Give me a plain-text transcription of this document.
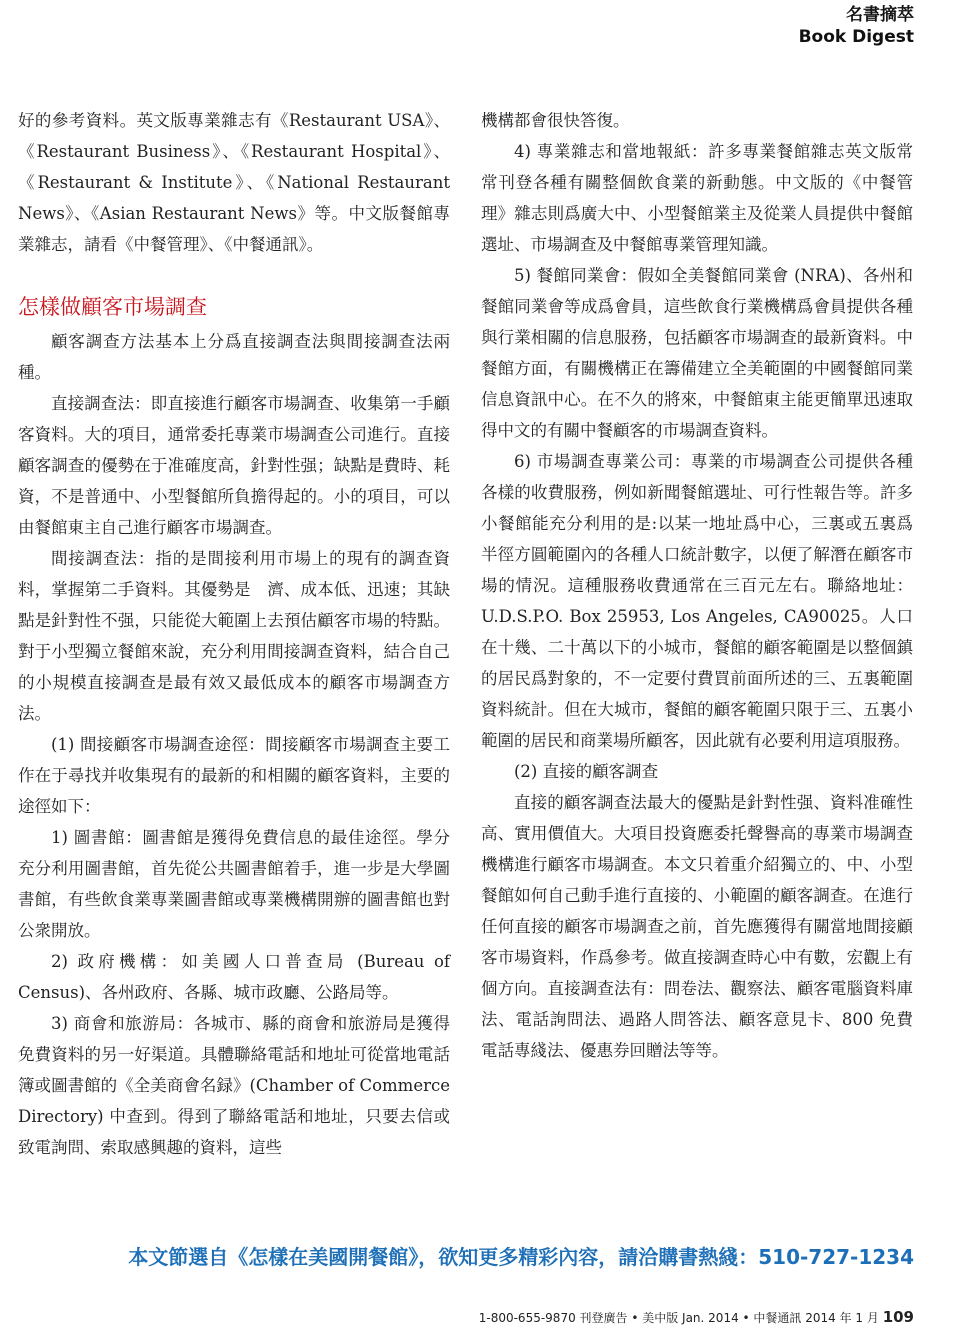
名書摘萃
Book Digest

好的參考資料。英文版專業雜志有《Restaurant USA》、《Restaurant Business》、《Restaurant Hospital》、《Restaurant & Institute》、《National Restaurant News》、《Asian Restaurant News》等。中文版餐館專業雜志，請看《中餐管理》、《中餐通訊》。

怎樣做顧客市場調查

顧客調查方法基本上分爲直接調查法與間接調查法兩種。

直接調查法：即直接進行顧客市場調查、收集第一手顧客資料。大的項目，通常委托專業市場調查公司進行。直接顧客調查的優勢在于准確度高，針對性强；缺點是費時、耗資，不是普通中、小型餐館所負擔得起的。小的項目，可以由餐館東主自己進行顧客市場調查。

間接調查法：指的是間接利用市場上的現有的調查資料，掌握第二手資料。其優勢是　濟、成本低、迅速；其缺點是針對性不强，只能從大範圍上去預估顧客市場的特點。對于小型獨立餐館來說，充分利用間接調查資料，結合自己的小規模直接調查是最有效又最低成本的顧客市場調查方法。

(1) 間接顧客市場調查途徑：間接顧客市場調查主要工作在于尋找并收集現有的最新的和相關的顧客資料，主要的途徑如下：

1) 圖書館：圖書館是獲得免費信息的最佳途徑。學分充分利用圖書館，首先從公共圖書館着手，進一步是大學圖書館，有些飲食業專業圖書館或專業機構開辦的圖書館也對公衆開放。

2) 政府機構：如美國人口普查局 (Bureau of Census)、各州政府、各縣、城市政廳、公路局等。

3) 商會和旅游局：各城市、縣的商會和旅游局是獲得免費資料的另一好渠道。具體聯絡電話和地址可從當地電話簿或圖書館的《全美商會名録》(Chamber of Commerce Directory) 中查到。得到了聯絡電話和地址，只要去信或致電詢問、索取感興趣的資料，這些

機構都會很快答復。

4) 專業雜志和當地報紙：許多專業餐館雜志英文版常常刊登各種有關整個飲食業的新動態。中文版的《中餐管理》雜志則爲廣大中、小型餐館業主及從業人員提供中餐館選址、市場調查及中餐館專業管理知識。

5) 餐館同業會：假如全美餐館同業會 (NRA)、各州和餐館同業會等成爲會員，這些飲食行業機構爲會員提供各種與行業相關的信息服務，包括顧客市場調查的最新資料。中餐館方面，有關機構正在籌備建立全美範圍的中國餐館同業信息資訊中心。在不久的將來，中餐館東主能更簡單迅速取得中文的有關中餐顧客的市場調查資料。

6) 市場調查專業公司：專業的市場調查公司提供各種各樣的收費服務，例如新聞餐館選址、可行性報告等。許多小餐館能充分利用的是:以某一地址爲中心，三裏或五裏爲半徑方圓範圍內的各種人口統計數字，以便了解潛在顧客市場的情況。這種服務收費通常在三百元左右。聯絡地址：U.D.S.P.O. Box 25953, Los Angeles, CA90025。人口在十幾、二十萬以下的小城市，餐館的顧客範圍是以整個鎮的居民爲對象的，不一定要付費買前面所述的三、五裏範圍資料統計。但在大城市，餐館的顧客範圍只限于三、五裏小範圍的居民和商業場所顧客，因此就有必要利用這項服務。

(2) 直接的顧客調查

直接的顧客調查法最大的優點是針對性强、資料准確性高、實用價值大。大項目投資應委托聲譽高的專業市場調查機構進行顧客市場調查。本文只着重介紹獨立的、中、小型餐館如何自己動手進行直接的、小範圍的顧客調查。在進行任何直接的顧客市場調查之前，首先應獲得有關當地間接顧客市場資料，作爲參考。做直接調查時心中有數，宏觀上有個方向。直接調查法有：問卷法、觀察法、顧客電腦資料庫法、電話詢問法、過路人問答法、顧客意見卡、800 免費電話專綫法、優惠券回贈法等等。

本文節選自《怎樣在美國開餐館》，欲知更多精彩內容，請洽購書熱綫：510-727-1234
1-800-655-9870 刊登廣告 • 美中版 Jan. 2014 • 中餐通訊 2014 年 1 月 109
